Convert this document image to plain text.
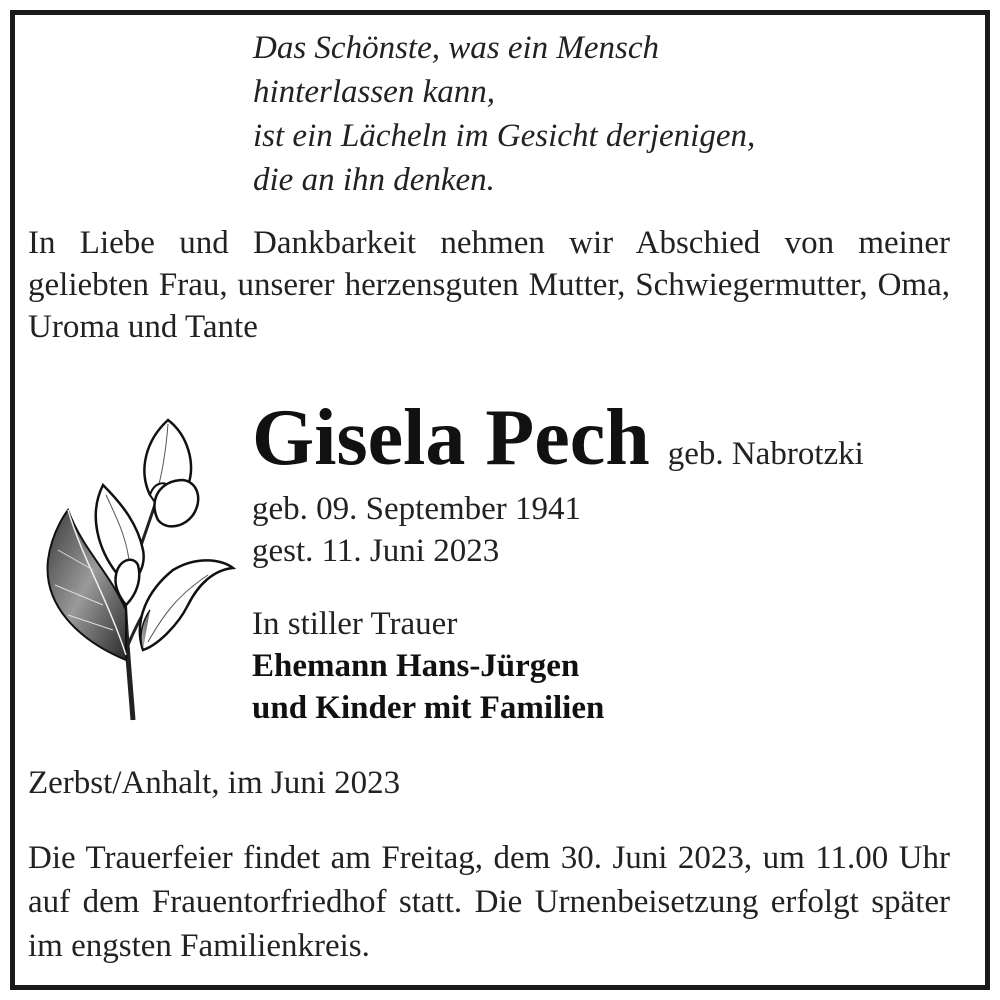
Das Schönste, was ein Mensch
hinterlassen kann,
ist ein Lächeln im Gesicht derjenigen,
die an ihn denken.
In Liebe und Dankbarkeit nehmen wir Abschied von meiner geliebten Frau, unserer herzensguten Mutter, Schwiegermutter, Oma, Uroma und Tante
Gisela Pech geb. Nabrotzki
geb. 09. September 1941
gest. 11. Juni 2023
In stiller Trauer
Ehemann Hans-Jürgen
und Kinder mit Familien
Zerbst/Anhalt, im Juni 2023
Die Trauerfeier findet am Freitag, dem 30. Juni 2023, um 11.00 Uhr auf dem Frauentorfriedhof statt. Die Urnenbeisetzung erfolgt später im engsten Familienkreis.
